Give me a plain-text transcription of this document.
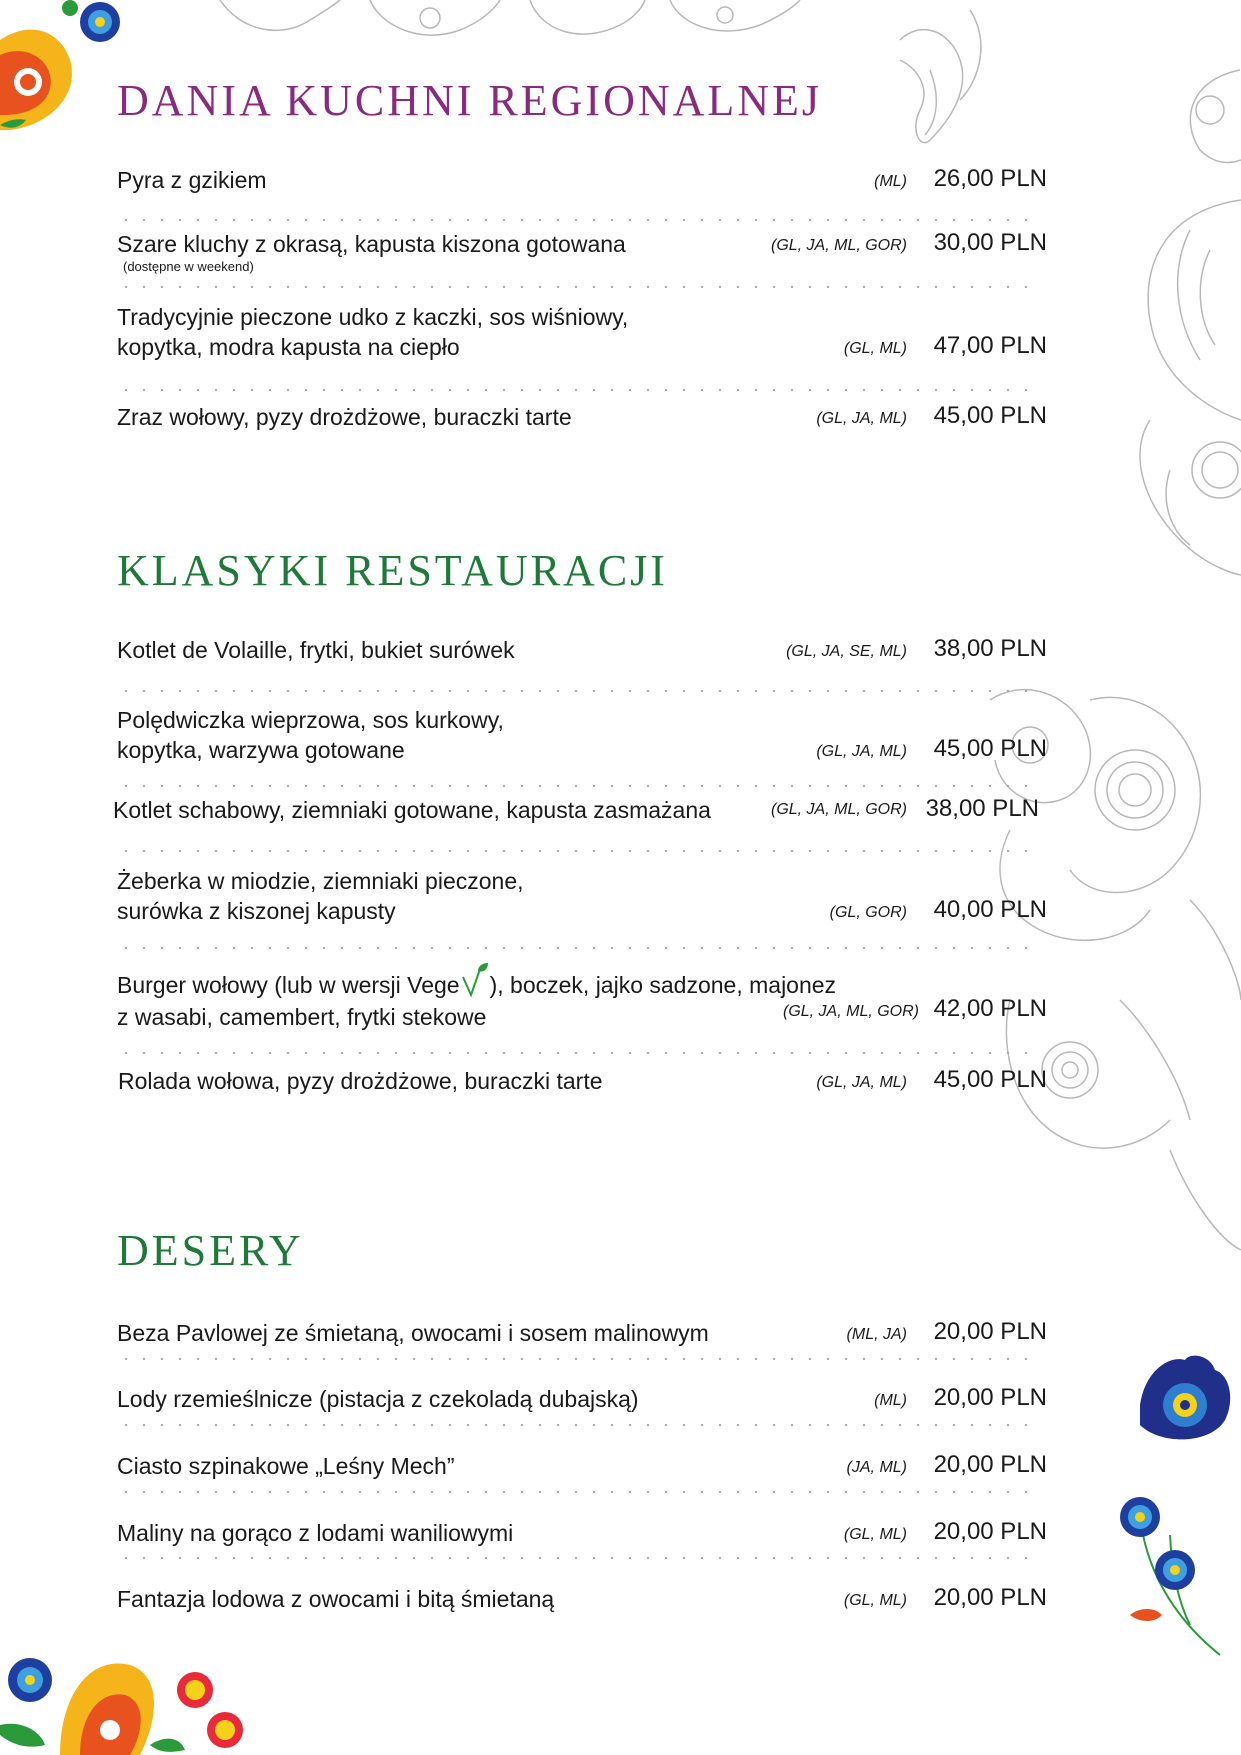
DANIA KUCHNI REGIONALNEJ
Pyra z gzikiem	(ML) 26,00 PLN
Szare kluchy z okrasą, kapusta kiszona gotowana
(dostępne w weekend)
(GL, JA, ML, GOR) 30,00 PLN
Tradycyjnie pieczone udko z kaczki, sos wiśniowy,
kopytka, modra kapusta na ciepło	(GL, ML) 47,00 PLN
Zraz wołowy, pyzy drożdżowe, buraczki tarte	(GL, JA, ML) 45,00 PLN
KLASYKI RESTAURACJI
Kotlet de Volaille, frytki, bukiet surówek	(GL, JA, SE, ML) 38,00 PLN
Polędwiczka wieprzowa, sos kurkowy,
kopytka, warzywa gotowane	(GL, JA, ML) 45,00 PLN
Kotlet schabowy, ziemniaki gotowane, kapusta zasmażana	(GL, JA, ML, GOR) 38,00 PLN
Żeberka w miodzie, ziemniaki pieczone,
surówka z kiszonej kapusty	(GL, GOR) 40,00 PLN
Burger wołowy (lub w wersji Vege ), boczek, jajko sadzone, majonez
z wasabi, camembert, frytki stekowe	(GL, JA, ML, GOR) 42,00 PLN
Rolada wołowa, pyzy drożdżowe, buraczki tarte	(GL, JA, ML) 45,00 PLN
DESERY
Beza Pavlowej ze śmietaną, owocami i sosem malinowym	(ML, JA) 20,00 PLN
Lody rzemieślnicze (pistacja z czekoladą dubajską)	(ML) 20,00 PLN
Ciasto szpinakowe „Leśny Mech”	(JA, ML) 20,00 PLN
Maliny na gorąco z lodami waniliowymi	(GL, ML) 20,00 PLN
Fantazja lodowa z owocami i bitą śmietaną	(GL, ML) 20,00 PLN
